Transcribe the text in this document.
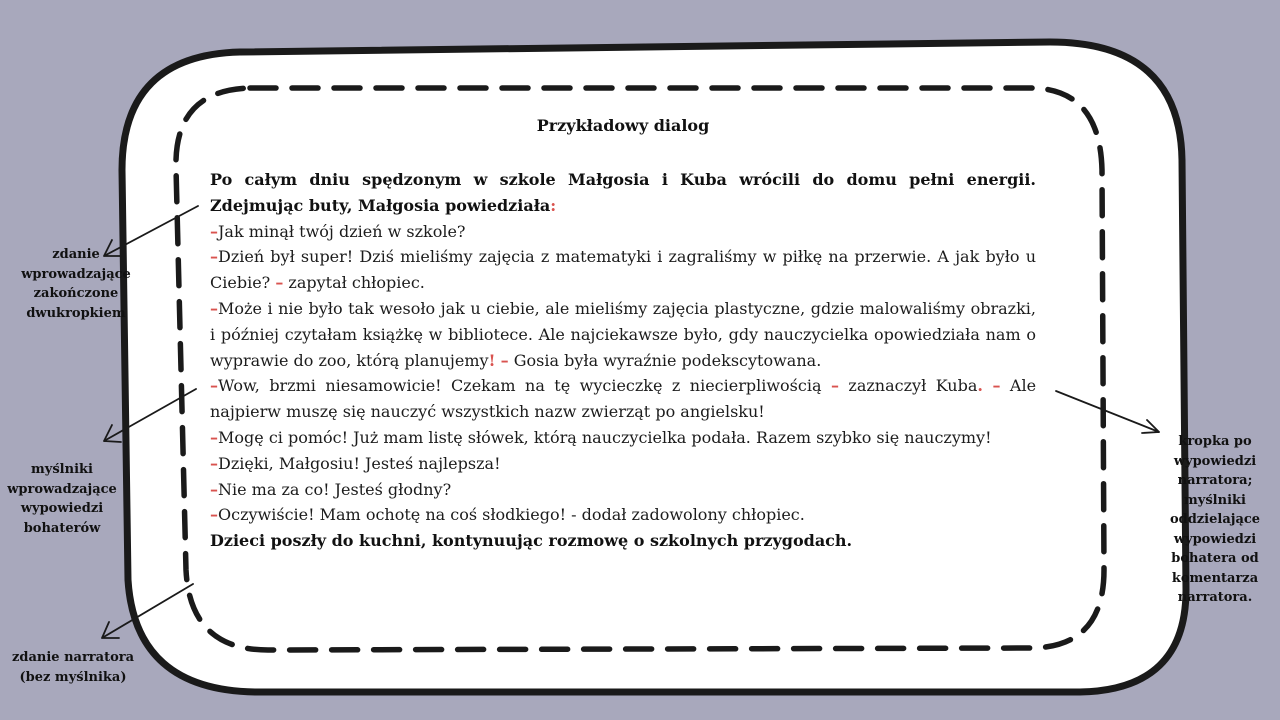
Przykładowy dialog

Po całym dniu spędzonym w szkole Małgosia i Kuba wrócili do domu pełni energii. Zdejmując buty, Małgosia powiedziała:

–Jak minął twój dzień w szkole?

–Dzień był super! Dziś mieliśmy zajęcia z matematyki i zagraliśmy w piłkę na przerwie. A jak było u Ciebie? – zapytał chłopiec.

–Może i nie było tak wesoło jak u ciebie, ale mieliśmy zajęcia plastyczne, gdzie malowaliśmy obrazki, i później czytałam książkę w bibliotece. Ale najciekawsze było, gdy nauczycielka opowiedziała nam o wyprawie do zoo, którą planujemy! – Gosia była wyraźnie podekscytowana.

–Wow, brzmi niesamowicie! Czekam na tę wycieczkę z niecierpliwością – zaznaczył Kuba. – Ale najpierw muszę się nauczyć wszystkich nazw zwierząt po angielsku!

–Mogę ci pomóc! Już mam listę słówek, którą nauczycielka podała. Razem szybko się nauczymy!

–Dzięki, Małgosiu! Jesteś najlepsza!

–Nie ma za co! Jesteś głodny?

–Oczywiście! Mam ochotę na coś słodkiego! - dodał zadowolony chłopiec.

Dzieci poszły do kuchni, kontynuując rozmowę o szkolnych przygodach.

zdanie
wprowadzające
zakończone
dwukropkiem
myślniki
wprowadzające
wypowiedzi
bohaterów
zdanie narratora
(bez myślnika)
kropka po
wypowiedzi
narratora;
myślniki
oddzielające
wypowiedzi
bohatera od
komentarza
narratora.
